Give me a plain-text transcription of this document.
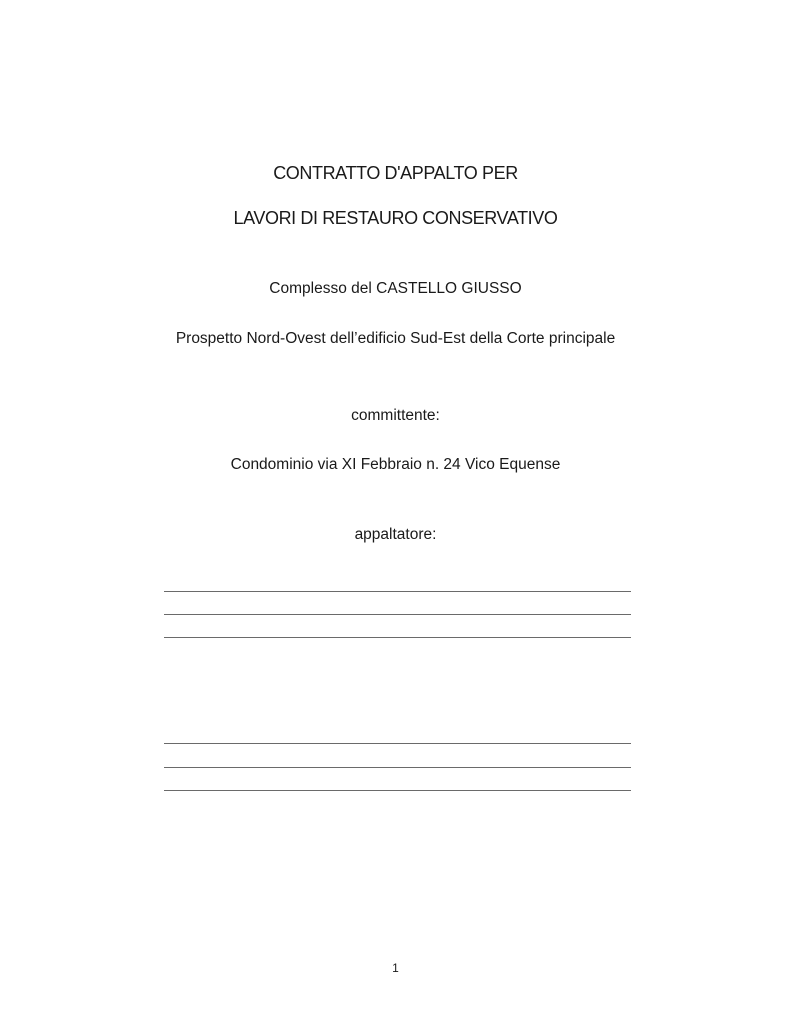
CONTRATTO D'APPALTO PER
LAVORI DI RESTAURO CONSERVATIVO
Complesso del CASTELLO GIUSSO
Prospetto Nord-Ovest dell’edificio Sud-Est della Corte principale
committente:
Condominio via XI Febbraio n. 24 Vico Equense
appaltatore:
1
